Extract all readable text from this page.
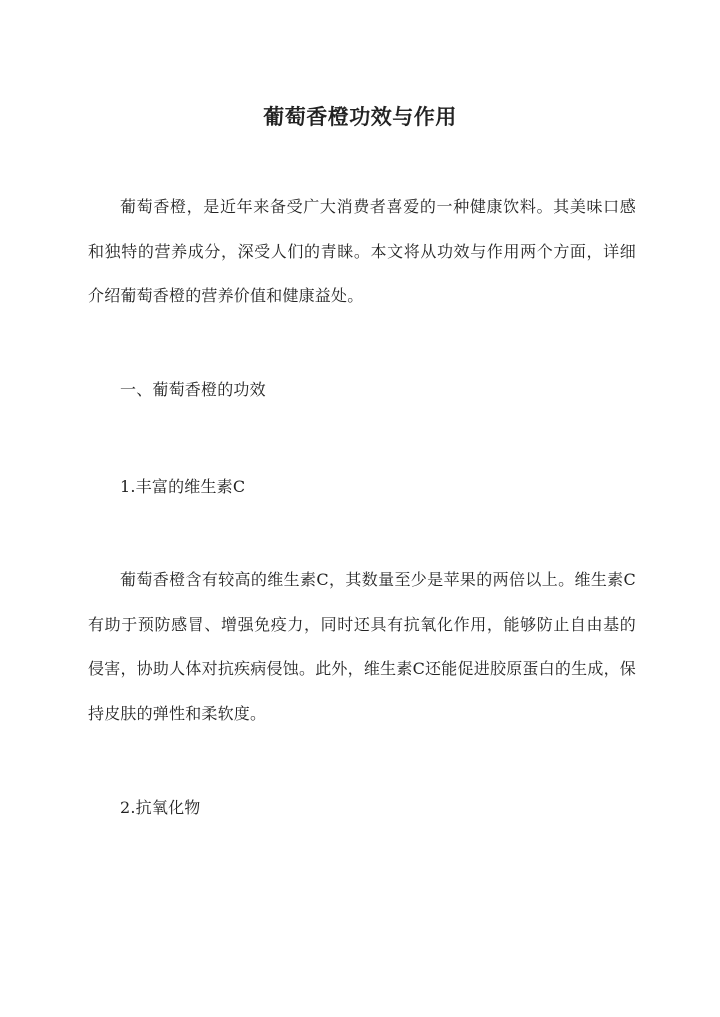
葡萄香橙功效与作用

葡萄香橙，是近年来备受广大消费者喜爱的一种健康饮料。其美味口感和独特的营养成分，深受人们的青睐。本文将从功效与作用两个方面，详细介绍葡萄香橙的营养价值和健康益处。

一、葡萄香橙的功效

1.丰富的维生素C

葡萄香橙含有较高的维生素C，其数量至少是苹果的两倍以上。维生素C有助于预防感冒、增强免疫力，同时还具有抗氧化作用，能够防止自由基的侵害，协助人体对抗疾病侵蚀。此外，维生素C还能促进胶原蛋白的生成，保持皮肤的弹性和柔软度。

2.抗氧化物
